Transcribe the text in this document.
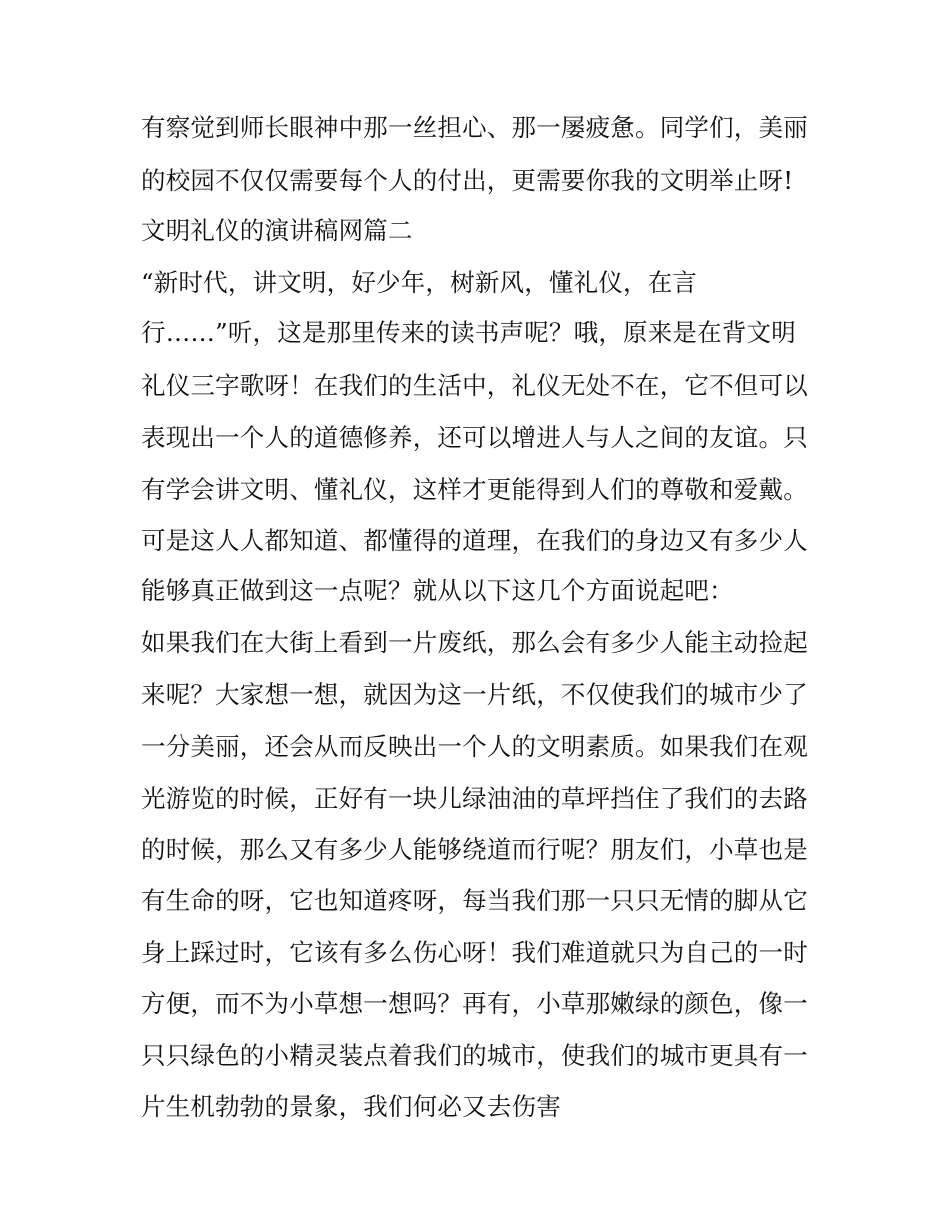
有察觉到师长眼神中那一丝担心、那一屡疲惫。同学们，美丽

的校园不仅仅需要每个人的付出，更需要你我的文明举止呀!

文明礼仪的演讲稿网篇二

“新时代，讲文明，好少年，树新风，懂礼仪，在言

行……”听，这是那里传来的读书声呢？哦，原来是在背文明

礼仪三字歌呀！在我们的生活中，礼仪无处不在，它不但可以

表现出一个人的道德修养，还可以增进人与人之间的友谊。只

有学会讲文明、懂礼仪，这样才更能得到人们的尊敬和爱戴。

可是这人人都知道、都懂得的道理，在我们的身边又有多少人

能够真正做到这一点呢？就从以下这几个方面说起吧：

如果我们在大街上看到一片废纸，那么会有多少人能主动捡起

来呢？大家想一想，就因为这一片纸，不仅使我们的城市少了

一分美丽，还会从而反映出一个人的文明素质。如果我们在观

光游览的时候，正好有一块儿绿油油的草坪挡住了我们的去路

的时候，那么又有多少人能够绕道而行呢？朋友们，小草也是

有生命的呀，它也知道疼呀，每当我们那一只只无情的脚从它

身上踩过时，它该有多么伤心呀！我们难道就只为自己的一时

方便，而不为小草想一想吗？再有，小草那嫩绿的颜色，像一

只只绿色的小精灵装点着我们的城市，使我们的城市更具有一

片生机勃勃的景象，我们何必又去伤害
